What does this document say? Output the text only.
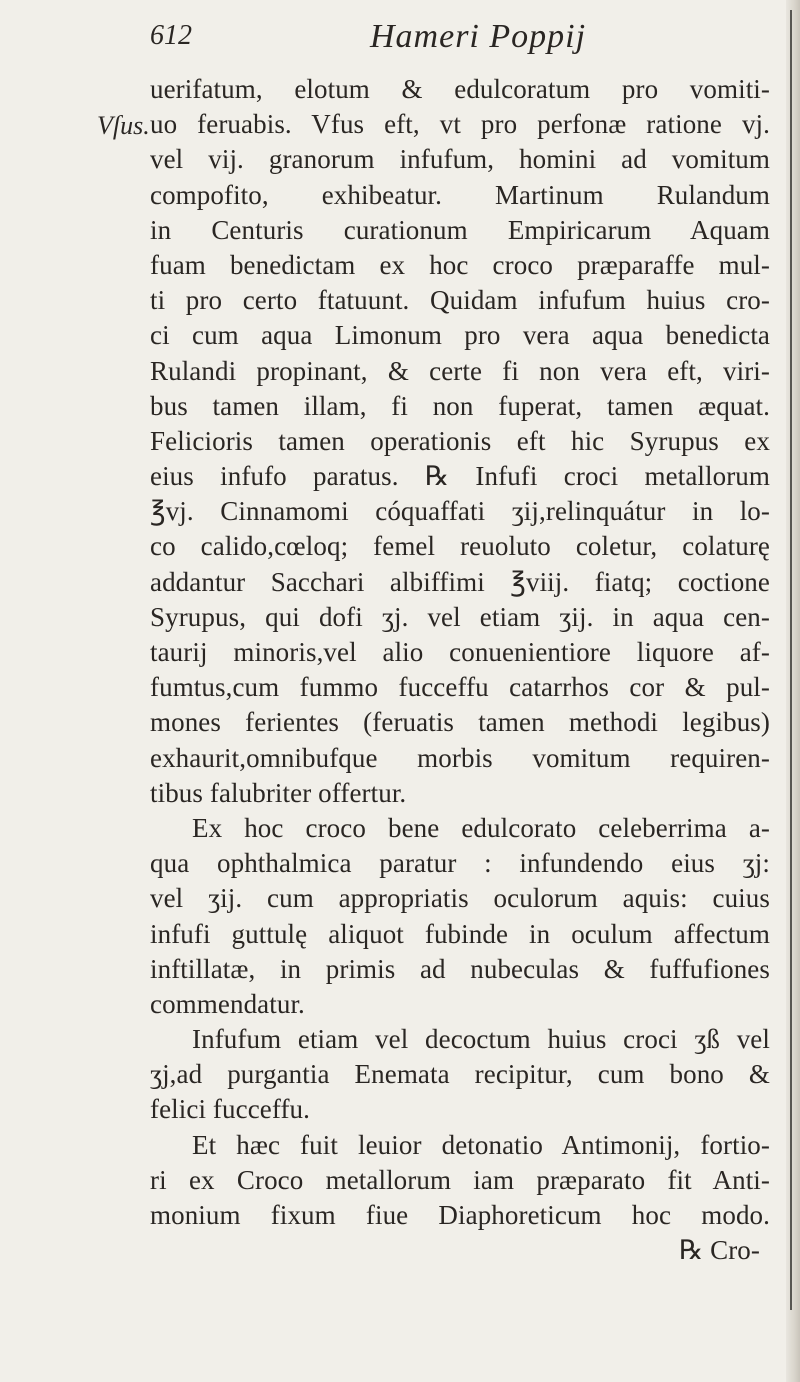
612	Hameri Poppij
Vſus.
uerifatum, elotum & edulcoratum pro vomiti-
uo feruabis. Vfus eft, vt pro perfonæ ratione vj.
vel vij. granorum infufum, homini ad vomitum
compofito, exhibeatur. Martinum Rulandum
in Centuris curationum Empiricarum Aquam
fuam benedictam ex hoc croco præparaffe mul-
ti pro certo ftatuunt. Quidam infufum huius cro-
ci cum aqua Limonum pro vera aqua benedicta
Rulandi propinant, & certe fi non vera eft, viri-
bus tamen illam, fi non fuperat, tamen æquat.
Felicioris tamen operationis eft hic Syrupus ex
eius infufo paratus. ℞ Infufi croci metallorum
℥vj. Cinnamomi cóquaffati ʒij,relinquátur in lo-
co calido,cœloq; femel reuoluto coletur, colaturę
addantur Sacchari albiffimi ℥viij. fiatq; coctione
Syrupus, qui dofi ʒj. vel etiam ʒij. in aqua cen-
taurij minoris,vel alio conuenientiore liquore af-
fumtus,cum fummo fucceffu catarrhos cor & pul-
mones ferientes (feruatis tamen methodi legibus)
exhaurit,omnibufque morbis vomitum requiren-
tibus falubriter offertur.
Ex hoc croco bene edulcorato celeberrima a-
qua ophthalmica paratur : infundendo eius ʒj:
vel ʒij. cum appropriatis oculorum aquis: cuius
infufi guttulę aliquot fubinde in oculum affectum
inftillatæ, in primis ad nubeculas & fuffufiones
commendatur.
Infufum etiam vel decoctum huius croci ʒß vel
ʒj,ad purgantia Enemata recipitur, cum bono &
felici fucceffu.
Et hæc fuit leuior detonatio Antimonij, fortio-
ri ex Croco metallorum iam præparato fit Anti-
monium fixum fiue Diaphoreticum hoc modo.
℞ Cro-
